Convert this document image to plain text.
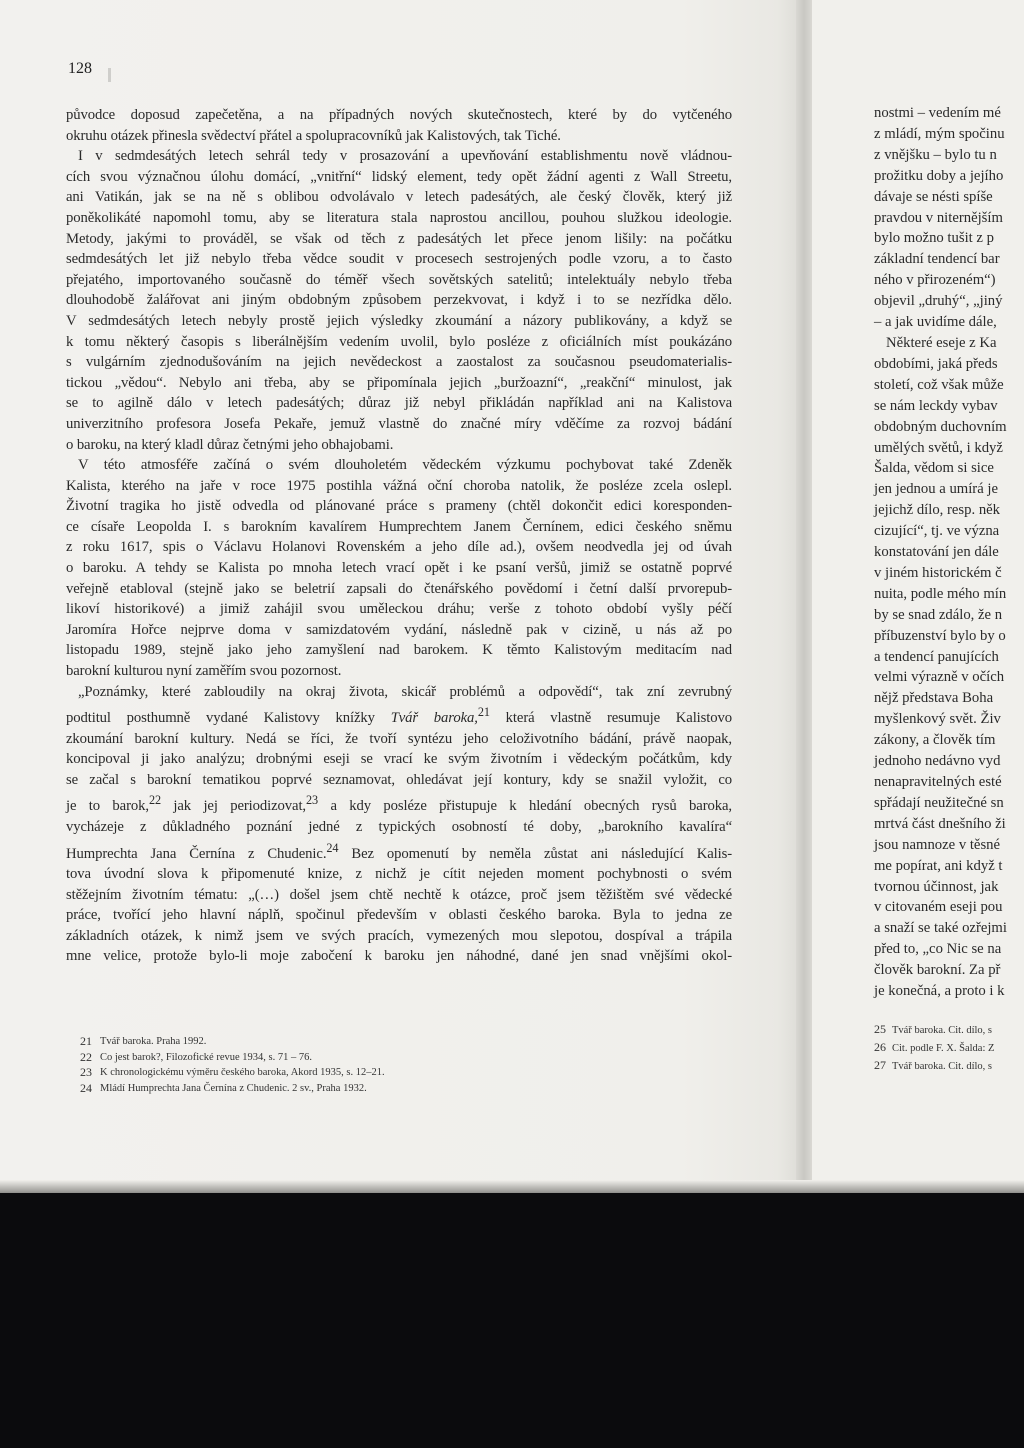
128
původce doposud zapečetěna, a na případných nových skutečnostech, které by do vytčeného
okruhu otázek přinesla svědectví přátel a spolupracovníků jak Kalistových, tak Tiché.
I v sedmdesátých letech sehrál tedy v prosazování a upevňování establishmentu nově vládnou-
cích svou význačnou úlohu domácí, „vnitřní“ lidský element, tedy opět žádní agenti z Wall Streetu,
ani Vatikán, jak se na ně s oblibou odvolávalo v letech padesátých, ale český člověk, který již
poněkolikáté napomohl tomu, aby se literatura stala naprostou ancillou, pouhou služkou ideologie.
Metody, jakými to prováděl, se však od těch z padesátých let přece jenom lišily: na počátku
sedmdesátých let již nebylo třeba vědce soudit v procesech sestrojených podle vzoru, a to často
přejatého, importovaného současně do téměř všech sovětských satelitů; intelektuály nebylo třeba
dlouhodobě žalářovat ani jiným obdobným způsobem perzekvovat, i když i to se nezřídka dělo.
V sedmdesátých letech nebyly prostě jejich výsledky zkoumání a názory publikovány, a když se
k tomu některý časopis s liberálnějším vedením uvolil, bylo posléze z oficiálních míst poukázáno
s vulgárním zjednodušováním na jejich nevědeckost a zaostalost za současnou pseudomaterialis-
tickou „vědou“. Nebylo ani třeba, aby se připomínala jejich „buržoazní“, „reakční“ minulost, jak
se to agilně dálo v letech padesátých; důraz již nebyl přikládán například ani na Kalistova
univerzitního profesora Josefa Pekaře, jemuž vlastně do značné míry vděčíme za rozvoj bádání
o baroku, na který kladl důraz četnými jeho obhajobami.
V této atmosféře začíná o svém dlouholetém vědeckém výzkumu pochybovat také Zdeněk
Kalista, kterého na jaře v roce 1975 postihla vážná oční choroba natolik, že posléze zcela oslepl.
Životní tragika ho jistě odvedla od plánované práce s prameny (chtěl dokončit edici koresponden-
ce císaře Leopolda I. s barokním kavalírem Humprechtem Janem Černínem, edici českého sněmu
z roku 1617, spis o Václavu Holanovi Rovenském a jeho díle ad.), ovšem neodvedla jej od úvah
o baroku. A tehdy se Kalista po mnoha letech vrací opět i ke psaní veršů, jimiž se ostatně poprvé
veřejně etabloval (stejně jako se beletrií zapsali do čtenářského povědomí i četní další prvorepub-
likoví historikové) a jimiž zahájil svou uměleckou dráhu; verše z tohoto období vyšly péčí
Jaromíra Hořce nejprve doma v samizdatovém vydání, následně pak v cizině, u nás až po
listopadu 1989, stejně jako jeho zamyšlení nad barokem. K těmto Kalistovým meditacím nad
barokní kulturou nyní zaměřím svou pozornost.
„Poznámky, které zabloudily na okraj života, skicář problémů a odpovědí“, tak zní zevrubný
podtitul posthumně vydané Kalistovy knížky Tvář baroka,$^{21}$ která vlastně resumuje Kalistovo
zkoumání barokní kultury. Nedá se říci, že tvoří syntézu jeho celoživotního bádání, právě naopak,
koncipoval ji jako analýzu; drobnými eseji se vrací ke svým životním i vědeckým počátkům, kdy
se začal s barokní tematikou poprvé seznamovat, ohledávat její kontury, kdy se snažil vyložit, co
je to barok,$^{22}$ jak jej periodizovat,$^{23}$ a kdy posléze přistupuje k hledání obecných rysů baroka,
vycházeje z důkladného poznání jedné z typických osobností té doby, „barokního kavalíra“
Humprechta Jana Černína z Chudenic.$^{24}$ Bez opomenutí by neměla zůstat ani následující Kalis-
tova úvodní slova k připomenuté knize, z nichž je cítit nejeden moment pochybnosti o svém
stěžejním životním tématu: „(…) došel jsem chtě nechtě k otázce, proč jsem těžištěm své vědecké
práce, tvořící jeho hlavní náplň, spočinul především v oblasti českého baroka. Byla to jedna ze
základních otázek, k nimž jsem ve svých pracích, vymezených mou slepotou, dospíval a trápila
mne velice, protože bylo-li moje zabočení k baroku jen náhodné, dané jen snad vnějšími okol-
21 Tvář baroka. Praha 1992.
22 Co jest barok?, Filozofické revue 1934, s. 71 – 76.
23 K chronologickému výměru českého baroka, Akord 1935, s. 12–21.
24 Mládí Humprechta Jana Černína z Chudenic. 2 sv., Praha 1932.
nostmi – vedením mé
z mládí, mým spočinu
z vnějšku – bylo tu n
prožitku doby a jejího
dávaje se nésti spíše
pravdou v niternějším
bylo možno tušit z p
základní tendencí bar
ného v přirozeném“)
objevil „druhý“, „jiný
– a jak uvidíme dále,
Některé eseje z Ka
obdobími, jaká předs
století, což však může
se nám leckdy vybav
obdobným duchovním
umělých světů, i když
Šalda, vědom si sice
jen jednou a umírá je
jejichž dílo, resp. něk
cizující“, tj. ve význa
konstatování jen dále
v jiném historickém č
nuita, podle mého mín
by se snad zdálo, že n
příbuzenství bylo by o
a tendencí panujících
velmi výrazně v očích
nějž představa Boha
myšlenkový svět. Živ
zákony, a člověk tím
jednoho nedávno vyd
nenapravitelných esté
spřádají neužitečné sn
mrtvá část dnešního ži
jsou namnoze v těsné
me popírat, ani když t
tvornou účinnost, jak
v citovaném eseji pou
a snaží se také ozřejmi
před to, „co Nic se na
člověk barokní. Za př
je konečná, a proto i k
25 Tvář baroka. Cit. dílo, s
26 Cit. podle F. X. Šalda: Z
27 Tvář baroka. Cit. dílo, s
